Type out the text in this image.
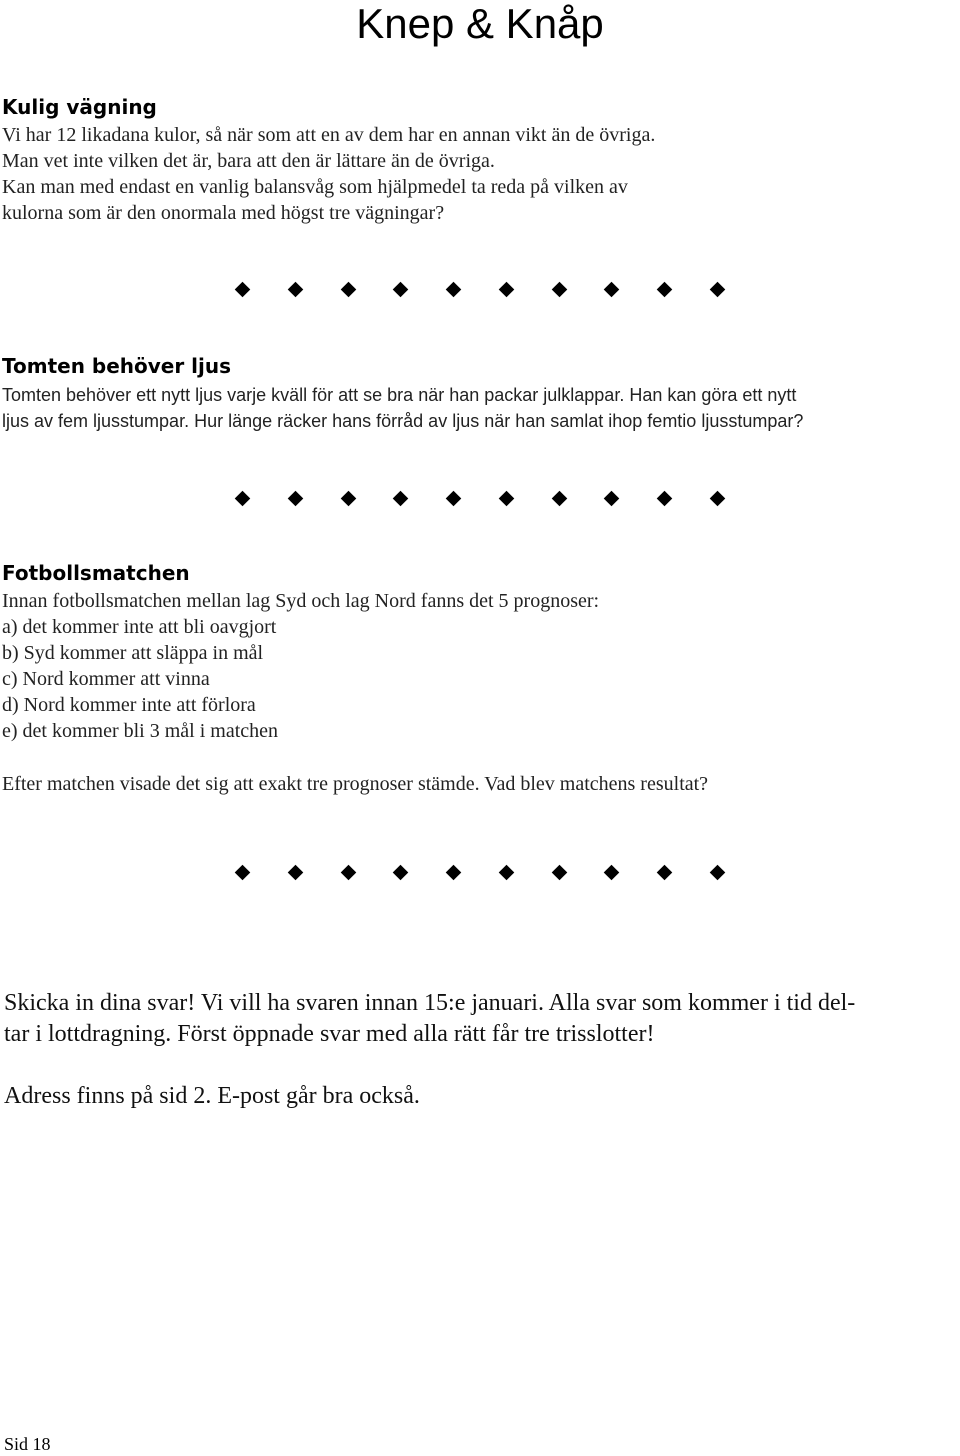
Knep & Knåp
Kulig vägning
Vi har 12 likadana kulor, så när som att en av dem har en annan vikt än de övriga.
Man vet inte vilken det är, bara att den är lättare än de övriga.
Kan man med endast en vanlig balansvåg som hjälpmedel ta reda på vilken av
kulorna som är den onormala med högst tre vägningar?
Tomten behöver ljus
Tomten behöver ett nytt ljus varje kväll för att se bra när han packar julklappar. Han kan göra ett nytt
ljus av fem ljusstumpar. Hur länge räcker hans förråd av ljus när han samlat ihop femtio ljusstumpar?
Fotbollsmatchen
Innan fotbollsmatchen mellan lag Syd och lag Nord fanns det 5 prognoser:
a) det kommer inte att bli oavgjort
b) Syd kommer att släppa in mål
c) Nord kommer att vinna
d) Nord kommer inte att förlora
e) det kommer bli 3 mål i matchen
Efter matchen visade det sig att exakt tre prognoser stämde. Vad blev matchens resultat?
Skicka in dina svar! Vi vill ha svaren innan 15:e januari. Alla svar som kommer i tid del-
tar i lottdragning. Först öppnade svar med alla rätt får tre trisslotter!
Adress finns på sid 2. E-post går bra också.
Sid 18
